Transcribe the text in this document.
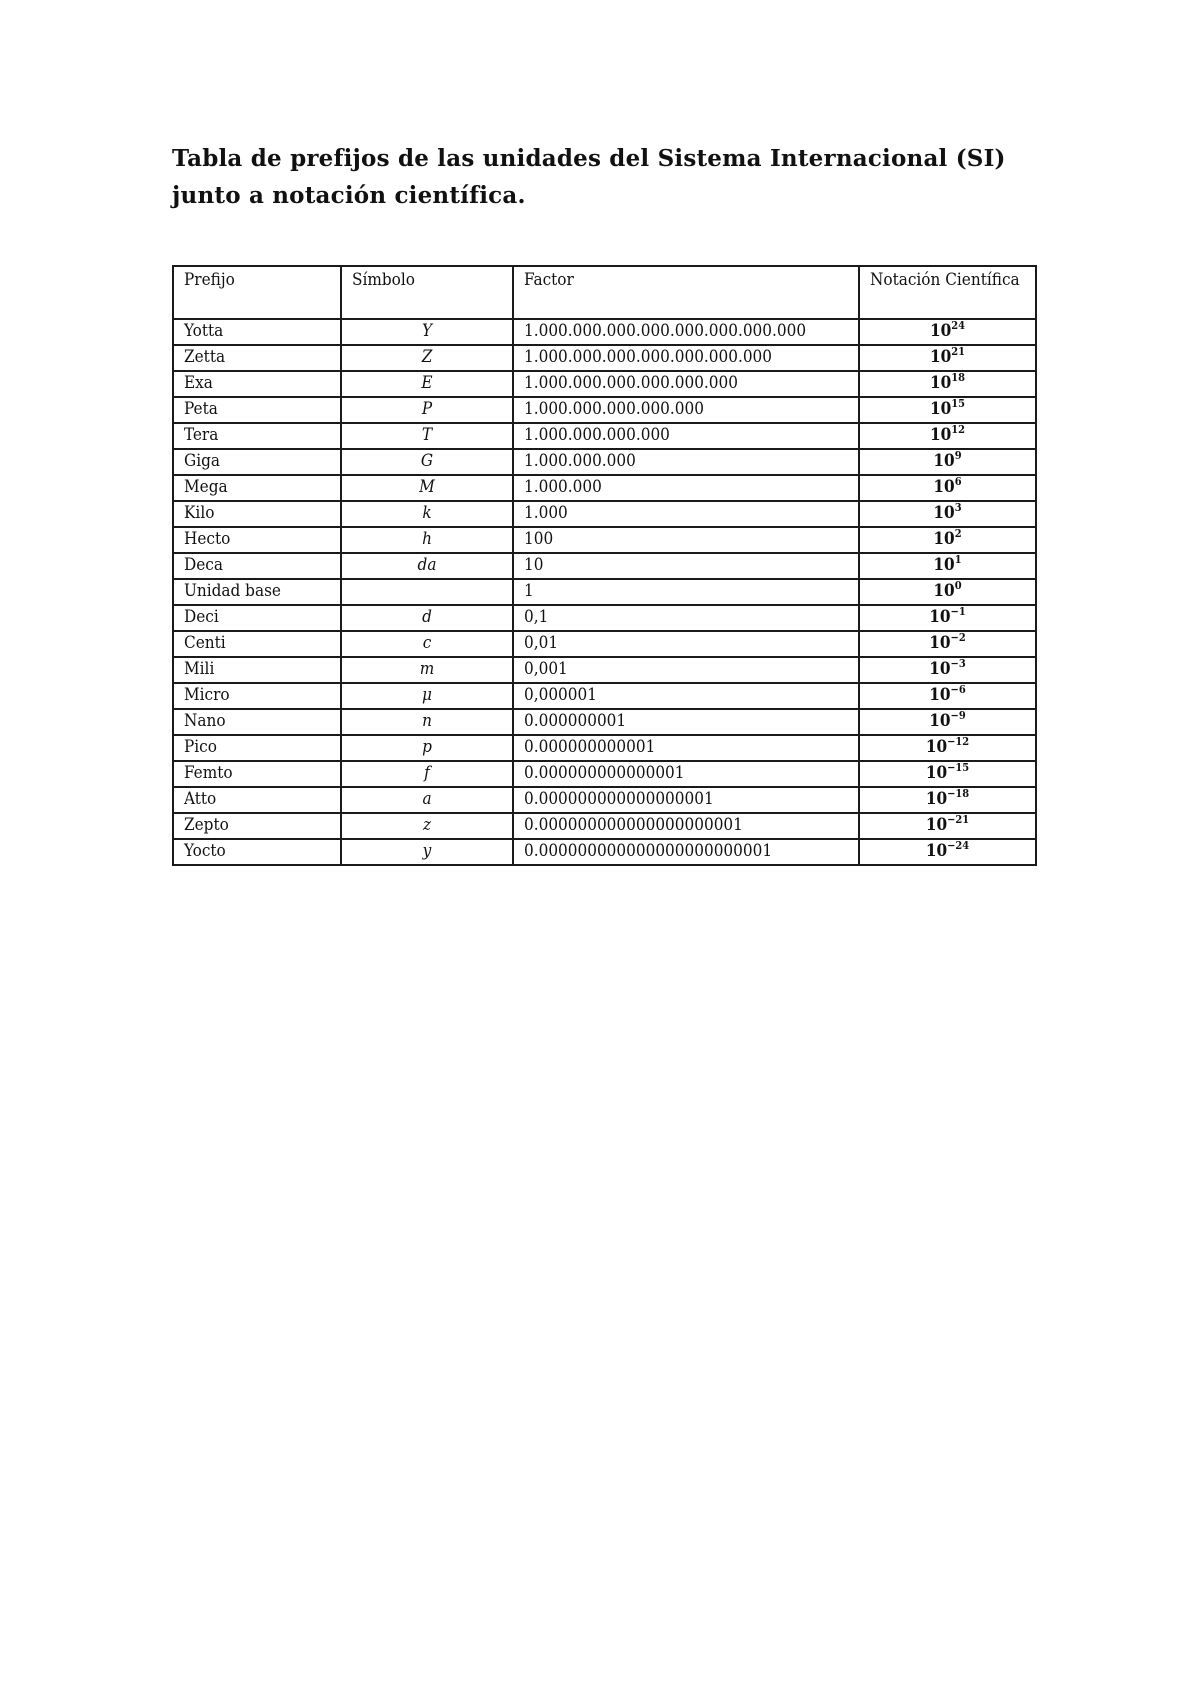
Tabla de prefijos de las unidades del Sistema Internacional (SI) junto a notación científica.
Prefijo	Símbolo	Factor	Notación Científica
Yotta	Y	1.000.000.000.000.000.000.000.000	$10^{24}$
Zetta	Z	1.000.000.000.000.000.000.000	$10^{21}$
Exa	E	1.000.000.000.000.000.000	$10^{18}$
Peta	P	1.000.000.000.000.000	$10^{15}$
Tera	T	1.000.000.000.000	$10^{12}$
Giga	G	1.000.000.000	$10^9$
Mega	M	1.000.000	$10^6$
Kilo	k	1.000	$10^3$
Hecto	h	100	$10^2$
Deca	da	10	$10^1$
Unidad base		1	$10^0$
Deci	d	0,1	$10^{-1}$
Centi	c	0,01	$10^{-2}$
Mili	m	0,001	$10^{-3}$
Micro	μ	0,000001	$10^{-6}$
Nano	n	0.000000001	$10^{-9}$
Pico	p	0.000000000001	$10^{-12}$
Femto	f	0.000000000000001	$10^{-15}$
Atto	a	0.000000000000000001	$10^{-18}$
Zepto	z	0.000000000000000000001	$10^{-21}$
Yocto	y	0.000000000000000000000001	$10^{-24}$
